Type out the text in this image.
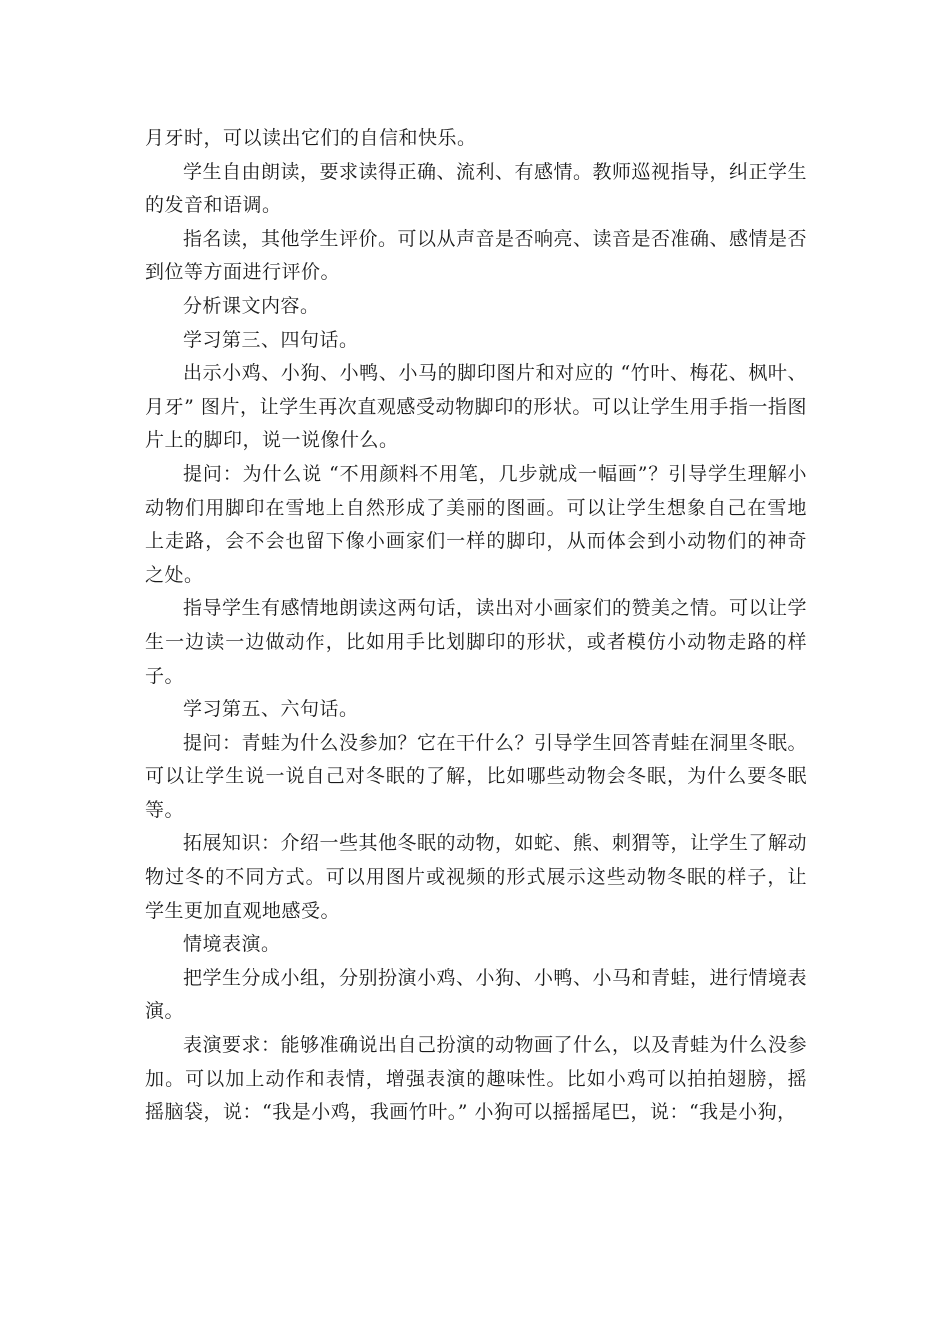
月牙时，可以读出它们的自信和快乐。

学生自由朗读，要求读得正确、流利、有感情。教师巡视指导，纠正学生的发音和语调。

指名读，其他学生评价。可以从声音是否响亮、读音是否准确、感情是否到位等方面进行评价。

分析课文内容。

学习第三、四句话。

出示小鸡、小狗、小鸭、小马的脚印图片和对应的 “竹叶、梅花、枫叶、月牙” 图片，让学生再次直观感受动物脚印的形状。可以让学生用手指一指图片上的脚印，说一说像什么。

提问：为什么说 “不用颜料不用笔，几步就成一幅画”？引导学生理解小动物们用脚印在雪地上自然形成了美丽的图画。可以让学生想象自己在雪地上走路，会不会也留下像小画家们一样的脚印，从而体会到小动物们的神奇之处。

指导学生有感情地朗读这两句话，读出对小画家们的赞美之情。可以让学生一边读一边做动作，比如用手比划脚印的形状，或者模仿小动物走路的样子。

学习第五、六句话。

提问：青蛙为什么没参加？它在干什么？引导学生回答青蛙在洞里冬眠。可以让学生说一说自己对冬眠的了解，比如哪些动物会冬眠，为什么要冬眠等。

拓展知识：介绍一些其他冬眠的动物，如蛇、熊、刺猬等，让学生了解动物过冬的不同方式。可以用图片或视频的形式展示这些动物冬眠的样子，让学生更加直观地感受。

情境表演。

把学生分成小组，分别扮演小鸡、小狗、小鸭、小马和青蛙，进行情境表演。

表演要求：能够准确说出自己扮演的动物画了什么，以及青蛙为什么没参加。可以加上动作和表情，增强表演的趣味性。比如小鸡可以拍拍翅膀，摇摇脑袋，说：“我是小鸡，我画竹叶。” 小狗可以摇摇尾巴，说：“我是小狗，
